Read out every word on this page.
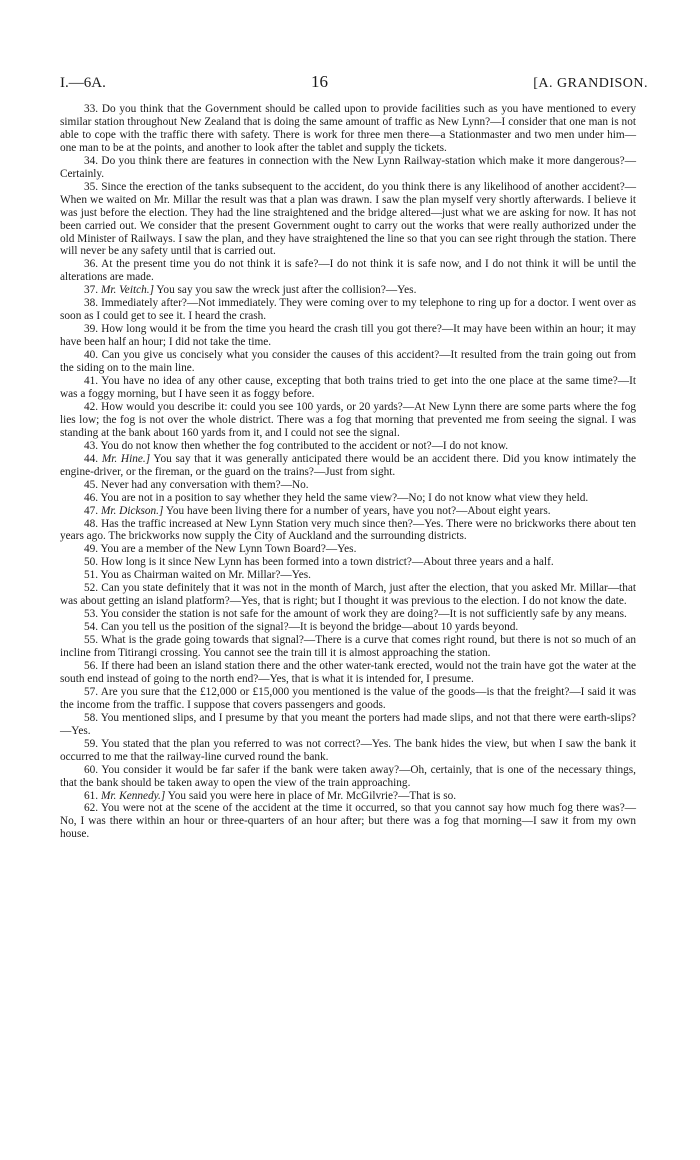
I.—6A.	16	[A. GRANDISON.

33. Do you think that the Government should be called upon to provide facilities such as you have mentioned to every similar station throughout New Zealand that is doing the same amount of traffic as New Lynn?—I consider that one man is not able to cope with the traffic there with safety. There is work for three men there—a Stationmaster and two men under him—one man to be at the points, and another to look after the tablet and supply the tickets.

34. Do you think there are features in connection with the New Lynn Railway-station which make it more dangerous?—Certainly.

35. Since the erection of the tanks subsequent to the accident, do you think there is any likelihood of another accident?—When we waited on Mr. Millar the result was that a plan was drawn. I saw the plan myself very shortly afterwards. I believe it was just before the election. They had the line straightened and the bridge altered—just what we are asking for now. It has not been carried out. We consider that the present Government ought to carry out the works that were really authorized under the old Minister of Railways. I saw the plan, and they have straightened the line so that you can see right through the station. There will never be any safety until that is carried out.

36. At the present time you do not think it is safe?—I do not think it is safe now, and I do not think it will be until the alterations are made.

37. Mr. Veitch.] You say you saw the wreck just after the collision?—Yes.

38. Immediately after?—Not immediately. They were coming over to my telephone to ring up for a doctor. I went over as soon as I could get to see it. I heard the crash.

39. How long would it be from the time you heard the crash till you got there?—It may have been within an hour; it may have been half an hour; I did not take the time.

40. Can you give us concisely what you consider the causes of this accident?—It resulted from the train going out from the siding on to the main line.

41. You have no idea of any other cause, excepting that both trains tried to get into the one place at the same time?—It was a foggy morning, but I have seen it as foggy before.

42. How would you describe it: could you see 100 yards, or 20 yards?—At New Lynn there are some parts where the fog lies low; the fog is not over the whole district. There was a fog that morning that prevented me from seeing the signal. I was standing at the bank about 160 yards from it, and I could not see the signal.

43. You do not know then whether the fog contributed to the accident or not?—I do not know.

44. Mr. Hine.] You say that it was generally anticipated there would be an accident there. Did you know intimately the engine-driver, or the fireman, or the guard on the trains?—Just from sight.

45. Never had any conversation with them?—No.

46. You are not in a position to say whether they held the same view?—No; I do not know what view they held.

47. Mr. Dickson.] You have been living there for a number of years, have you not?—About eight years.

48. Has the traffic increased at New Lynn Station very much since then?—Yes. There were no brickworks there about ten years ago. The brickworks now supply the City of Auckland and the surrounding districts.

49. You are a member of the New Lynn Town Board?—Yes.

50. How long is it since New Lynn has been formed into a town district?—About three years and a half.

51. You as Chairman waited on Mr. Millar?—Yes.

52. Can you state definitely that it was not in the month of March, just after the election, that you asked Mr. Millar—that was about getting an island platform?—Yes, that is right; but I thought it was previous to the election. I do not know the date.

53. You consider the station is not safe for the amount of work they are doing?—It is not sufficiently safe by any means.

54. Can you tell us the position of the signal?—It is beyond the bridge—about 10 yards beyond.

55. What is the grade going towards that signal?—There is a curve that comes right round, but there is not so much of an incline from Titirangi crossing. You cannot see the train till it is almost approaching the station.

56. If there had been an island station there and the other water-tank erected, would not the train have got the water at the south end instead of going to the north end?—Yes, that is what it is intended for, I presume.

57. Are you sure that the £12,000 or £15,000 you mentioned is the value of the goods—is that the freight?—I said it was the income from the traffic. I suppose that covers passengers and goods.

58. You mentioned slips, and I presume by that you meant the porters had made slips, and not that there were earth-slips?—Yes.

59. You stated that the plan you referred to was not correct?—Yes. The bank hides the view, but when I saw the bank it occurred to me that the railway-line curved round the bank.

60. You consider it would be far safer if the bank were taken away?—Oh, certainly, that is one of the necessary things, that the bank should be taken away to open the view of the train approaching.

61. Mr. Kennedy.] You said you were here in place of Mr. McGilvrie?—That is so.

62. You were not at the scene of the accident at the time it occurred, so that you cannot say how much fog there was?—No, I was there within an hour or three-quarters of an hour after; but there was a fog that morning—I saw it from my own house.
